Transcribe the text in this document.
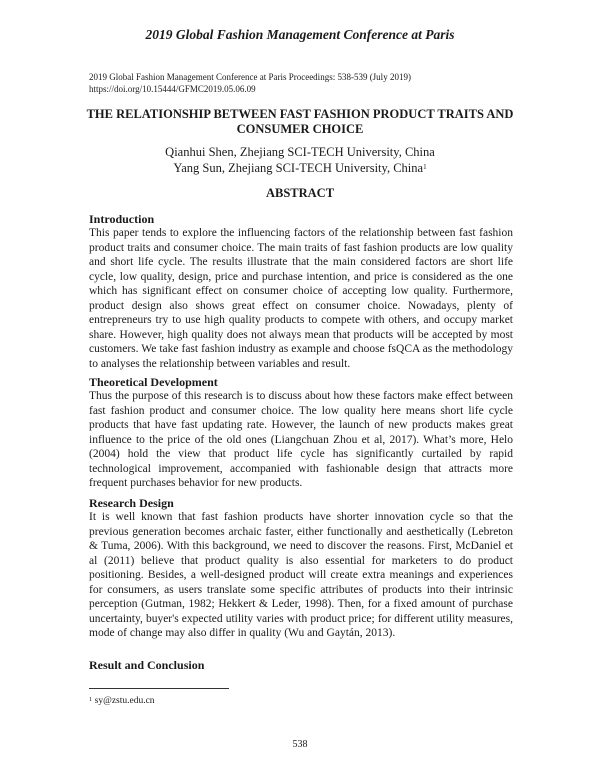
2019 Global Fashion Management Conference at Paris
2019 Global Fashion Management Conference at Paris Proceedings: 538-539 (July 2019)
https://doi.org/10.15444/GFMC2019.05.06.09
THE RELATIONSHIP BETWEEN FAST FASHION PRODUCT TRAITS AND
CONSUMER CHOICE
Qianhui Shen, Zhejiang SCI-TECH University, China
Yang Sun, Zhejiang SCI-TECH University, China$^1$
ABSTRACT
Introduction
This paper tends to explore the influencing factors of the relationship between fast fashion product traits and consumer choice. The main traits of fast fashion products are low quality and short life cycle. The results illustrate that the main considered factors are short life cycle, low quality, design, price and purchase intention, and price is considered as the one which has significant effect on consumer choice of accepting low quality. Furthermore, product design also shows great effect on consumer choice. Nowadays, plenty of entrepreneurs try to use high quality products to compete with others, and occupy market share. However, high quality does not always mean that products will be accepted by most customers. We take fast fashion industry as example and choose fsQCA as the methodology to analyses the relationship between variables and result.
Theoretical Development
Thus the purpose of this research is to discuss about how these factors make effect between fast fashion product and consumer choice. The low quality here means short life cycle products that have fast updating rate. However, the launch of new products makes great influence to the price of the old ones (Liangchuan Zhou et al, 2017). What’s more, Helo (2004) hold the view that product life cycle has significantly curtailed by rapid technological improvement, accompanied with fashionable design that attracts more frequent purchases behavior for new products.
Research Design
It is well known that fast fashion products have shorter innovation cycle so that the previous generation becomes archaic faster, either functionally and aesthetically (Lebreton & Tuma, 2006). With this background, we need to discover the reasons. First, McDaniel et al (2011) believe that product quality is also essential for marketers to do product positioning. Besides, a well-designed product will create extra meanings and experiences for consumers, as users translate some specific attributes of products into their intrinsic perception (Gutman, 1982; Hekkert & Leder, 1998). Then, for a fixed amount of purchase uncertainty, buyer's expected utility varies with product price; for different utility measures, mode of change may also differ in quality (Wu and Gaytán, 2013).
Result and Conclusion
$^1$ sy@zstu.edu.cn
538
